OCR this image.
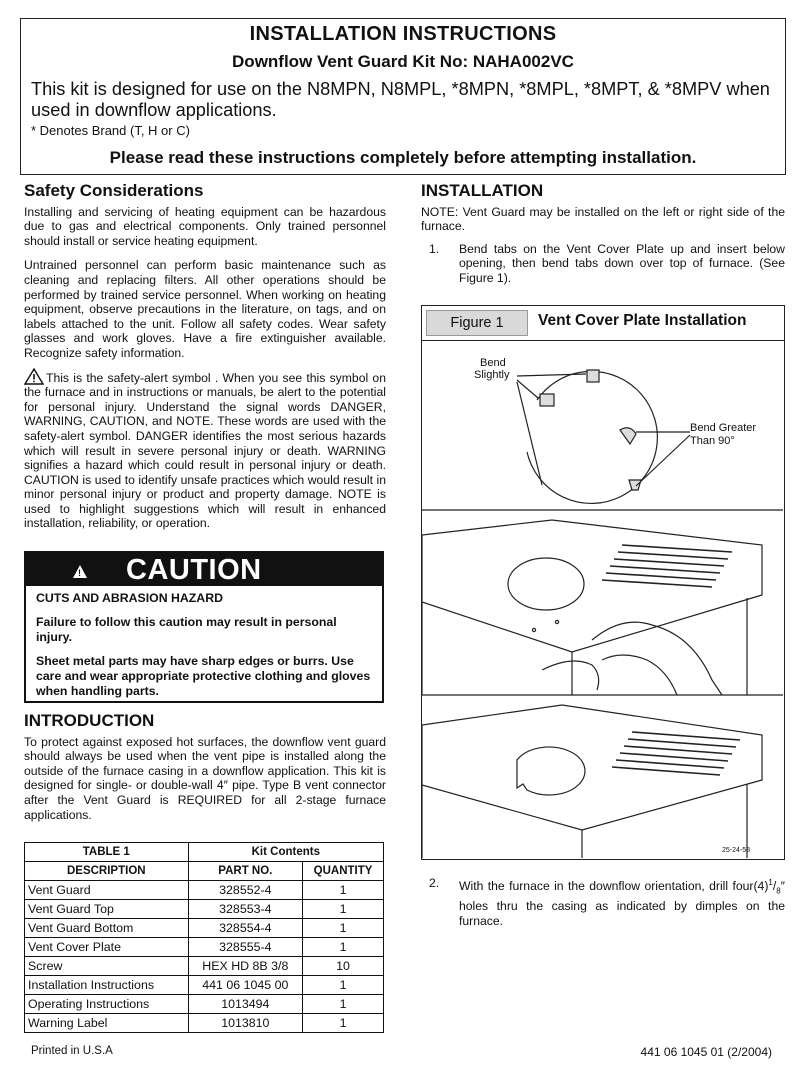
INSTALLATION INSTRUCTIONS
Downflow Vent Guard Kit No: NAHA002VC
This kit is designed for use on the N8MPN, N8MPL, *8MPN, *8MPL, *8MPT, & *8MPV when used in downflow applications.
* Denotes Brand (T, H or C)
Please read these instructions completely before attempting installation.
Safety Considerations

Installing and servicing of heating equipment can be hazardous due to gas and electrical components. Only trained personnel should install or service heating equipment.

Untrained personnel can perform basic maintenance such as cleaning and replacing filters. All other operations should be performed by trained service personnel. When working on heating equipment, observe precautions in the literature, on tags, and on labels attached to the unit. Follow all safety codes. Wear safety glasses and work gloves. Have a fire extinguisher available. Recognize safety information.

This is the safety-alert symbol . When you see this symbol on the furnace and in instructions or manuals, be alert to the potential for personal injury. Understand the signal words DANGER, WARNING, CAUTION, and NOTE. These words are used with the safety-alert symbol. DANGER identifies the most serious hazards which will result in severe personal injury or death. WARNING signifies a hazard which could result in personal injury or death. CAUTION is used to identify unsafe practices which would result in minor personal injury or product and property damage. NOTE is used to highlight suggestions which will result in enhanced installation, reliability, or operation.

! CAUTION
CUTS AND ABRASION HAZARD
Failure to follow this caution may result in personal injury.
Sheet metal parts may have sharp edges or burrs. Use care and wear appropriate protective clothing and gloves when handling parts.
INTRODUCTION

To protect against exposed hot surfaces, the downflow vent guard should always be used when the vent pipe is installed along the outside of the furnace casing in a downflow application. This kit is designed for single- or double-wall 4″ pipe. Type B vent connector after the Vent Guard is REQUIRED for all 2-stage furnace applications.

TABLE 1	Kit Contents	
DESCRIPTION	PART NO.	QUANTITY
Vent Guard	328552-4	1
Vent Guard Top	328553-4	1
Vent Guard Bottom	328554-4	1
Vent Cover Plate	328555-4	1
Screw	HEX HD 8B 3/8	10
Installation Instructions	441 06 1045 00	1
Operating Instructions	1013494	1
Warning Label	1013810	1
INSTALLATION

NOTE: Vent Guard may be installed on the left or right side of the furnace.

1.	Bend tabs on the Vent Cover Plate up and insert below opening, then bend tabs down over top of furnace. (See Figure 1).
Figure 1	Vent Cover Plate Installation
Bend
Slightly
Bend Greater
Than 90°
25-24-58
2.	With the furnace in the downflow orientation, drill $four(4)^1/_8''$ holes thru the casing as indicated by dimples on the furnace.
Printed in U.S.A	441 06 1045 01 (2/2004)
